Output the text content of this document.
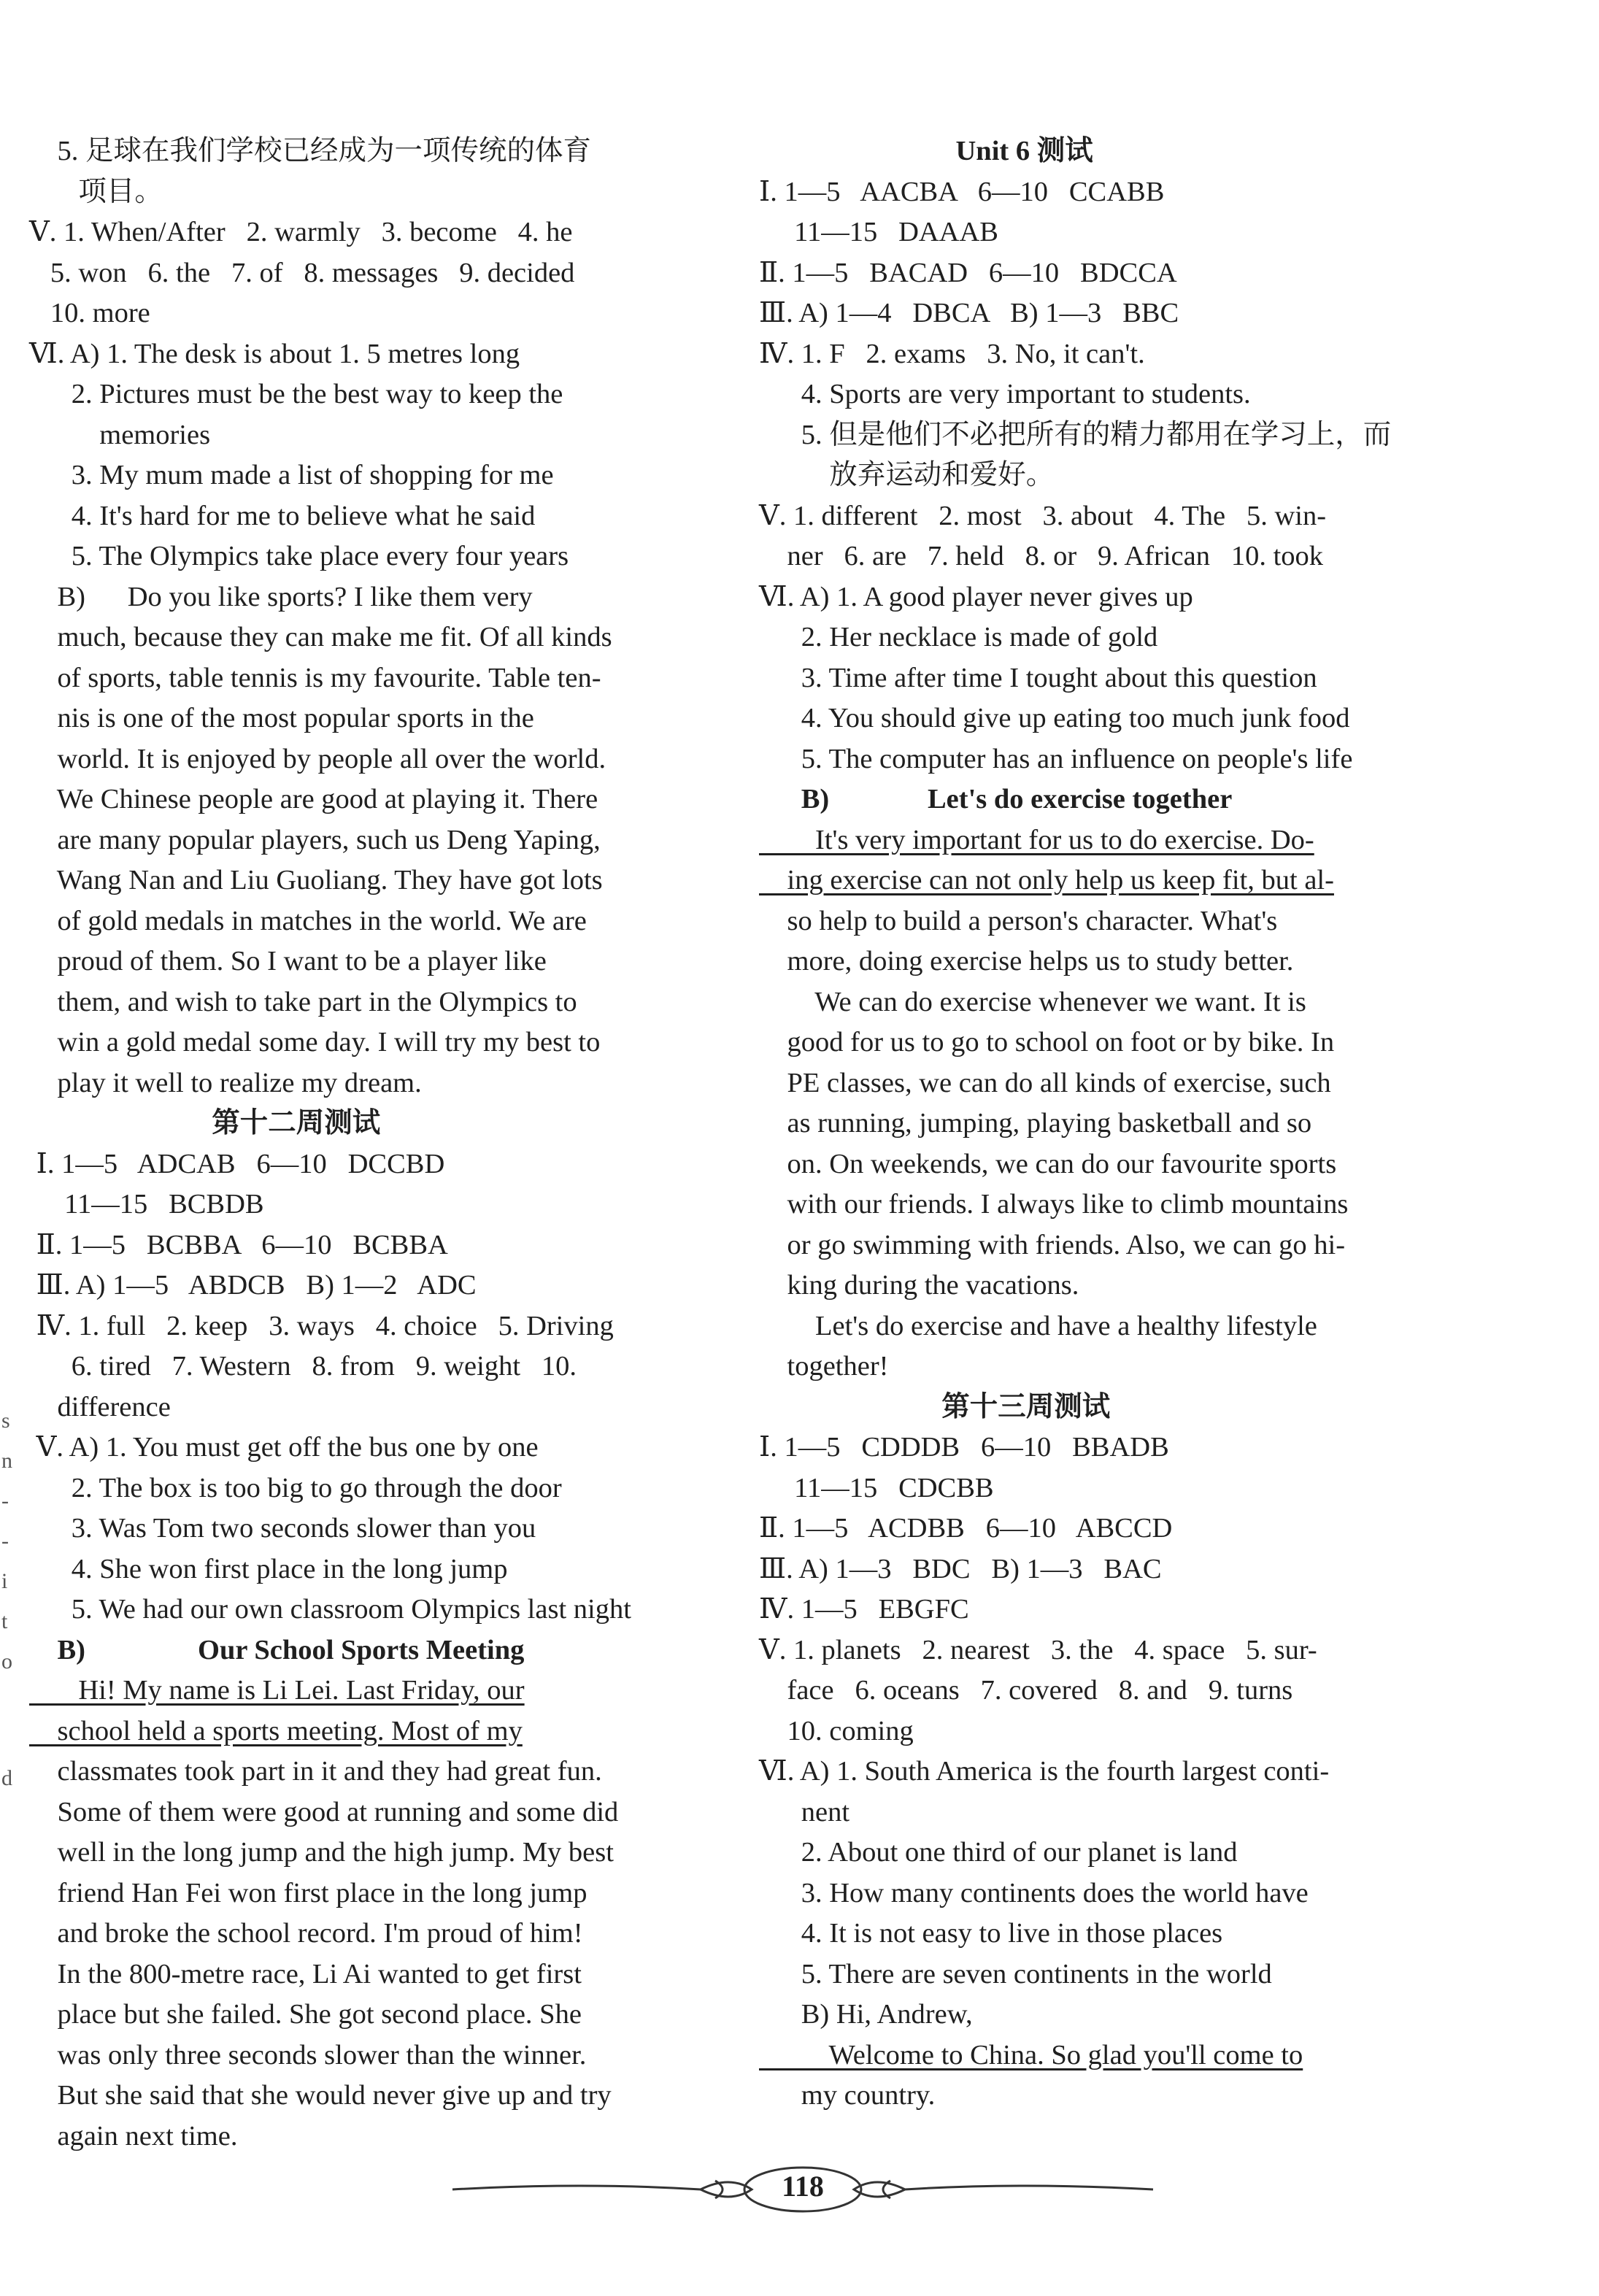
5. 足球在我们学校已经成为一项传统的体育
项目。
Ⅴ. 1. When/After   2. warmly   3. become   4. he
5. won   6. the   7. of   8. messages   9. decided
10. more
Ⅵ. A) 1. The desk is about 1. 5 metres long
2. Pictures must be the best way to keep the
memories
3. My mum made a list of shopping for me
4. It's hard for me to believe what he said
5. The Olympics take place every four years
B)      Do you like sports? I like them very
much, because they can make me fit. Of all kinds
of sports, table tennis is my favourite. Table ten-
nis is one of the most popular sports in the
world. It is enjoyed by people all over the world.
We Chinese people are good at playing it. There
are many popular players, such us Deng Yaping,
Wang Nan and Liu Guoliang. They have got lots
of gold medals in matches in the world. We are
proud of them. So I want to be a player like
them, and wish to take part in the Olympics to
win a gold medal some day. I will try my best to
play it well to realize my dream.
第十二周测试
Ⅰ. 1—5   ADCAB   6—10   DCCBD
11—15   BCBDB
Ⅱ. 1—5   BCBBA   6—10   BCBBA
Ⅲ. A) 1—5   ABDCB   B) 1—2   ADC
Ⅳ. 1. full   2. keep   3. ways   4. choice   5. Driving
6. tired   7. Western   8. from   9. weight   10.
difference
Ⅴ. A) 1. You must get off the bus one by one
2. The box is too big to go through the door
3. Was Tom two seconds slower than you
4. She won first place in the long jump
5. We had our own classroom Olympics last night
B)                Our School Sports Meeting
Hi! My name is Li Lei. Last Friday, our
school held a sports meeting. Most of my
classmates took part in it and they had great fun.
Some of them were good at running and some did
well in the long jump and the high jump. My best
friend Han Fei won first place in the long jump
and broke the school record. I'm proud of him!
In the 800-metre race, Li Ai wanted to get first
place but she failed. She got second place. She
was only three seconds slower than the winner.
But she said that she would never give up and try
again next time.
Unit 6 测试
Ⅰ. 1—5   AACBA   6—10   CCABB
11—15   DAAAB
Ⅱ. 1—5   BACAD   6—10   BDCCA
Ⅲ. A) 1—4   DBCA   B) 1—3   BBC
Ⅳ. 1. F   2. exams   3. No, it can't.
4. Sports are very important to students.
5. 但是他们不必把所有的精力都用在学习上，而
放弃运动和爱好。
Ⅴ. 1. different   2. most   3. about   4. The   5. win-
ner   6. are   7. held   8. or   9. African   10. took
Ⅵ. A) 1. A good player never gives up
2. Her necklace is made of gold
3. Time after time I tought about this question
4. You should give up eating too much junk food
5. The computer has an influence on people's life
B)              Let's do exercise together
It's very important for us to do exercise. Do-
ing exercise can not only help us keep fit, but al-
so help to build a person's character. What's
more, doing exercise helps us to study better.
We can do exercise whenever we want. It is
good for us to go to school on foot or by bike. In
PE classes, we can do all kinds of exercise, such
as running, jumping, playing basketball and so
on. On weekends, we can do our favourite sports
with our friends. I always like to climb mountains
or go swimming with friends. Also, we can go hi-
king during the vacations.
Let's do exercise and have a healthy lifestyle
together!
第十三周测试
Ⅰ. 1—5   CDDDB   6—10   BBADB
11—15   CDCBB
Ⅱ. 1—5   ACDBB   6—10   ABCCD
Ⅲ. A) 1—3   BDC   B) 1—3   BAC
Ⅳ. 1—5   EBGFC
Ⅴ. 1. planets   2. nearest   3. the   4. space   5. sur-
face   6. oceans   7. covered   8. and   9. turns
10. coming
Ⅵ. A) 1. South America is the fourth largest conti-
nent
2. About one third of our planet is land
3. How many continents does the world have
4. It is not easy to live in those places
5. There are seven continents in the world
B) Hi, Andrew,
Welcome to China. So glad you'll come to
my country.
s
n
-
-
i
t
o
d
118
